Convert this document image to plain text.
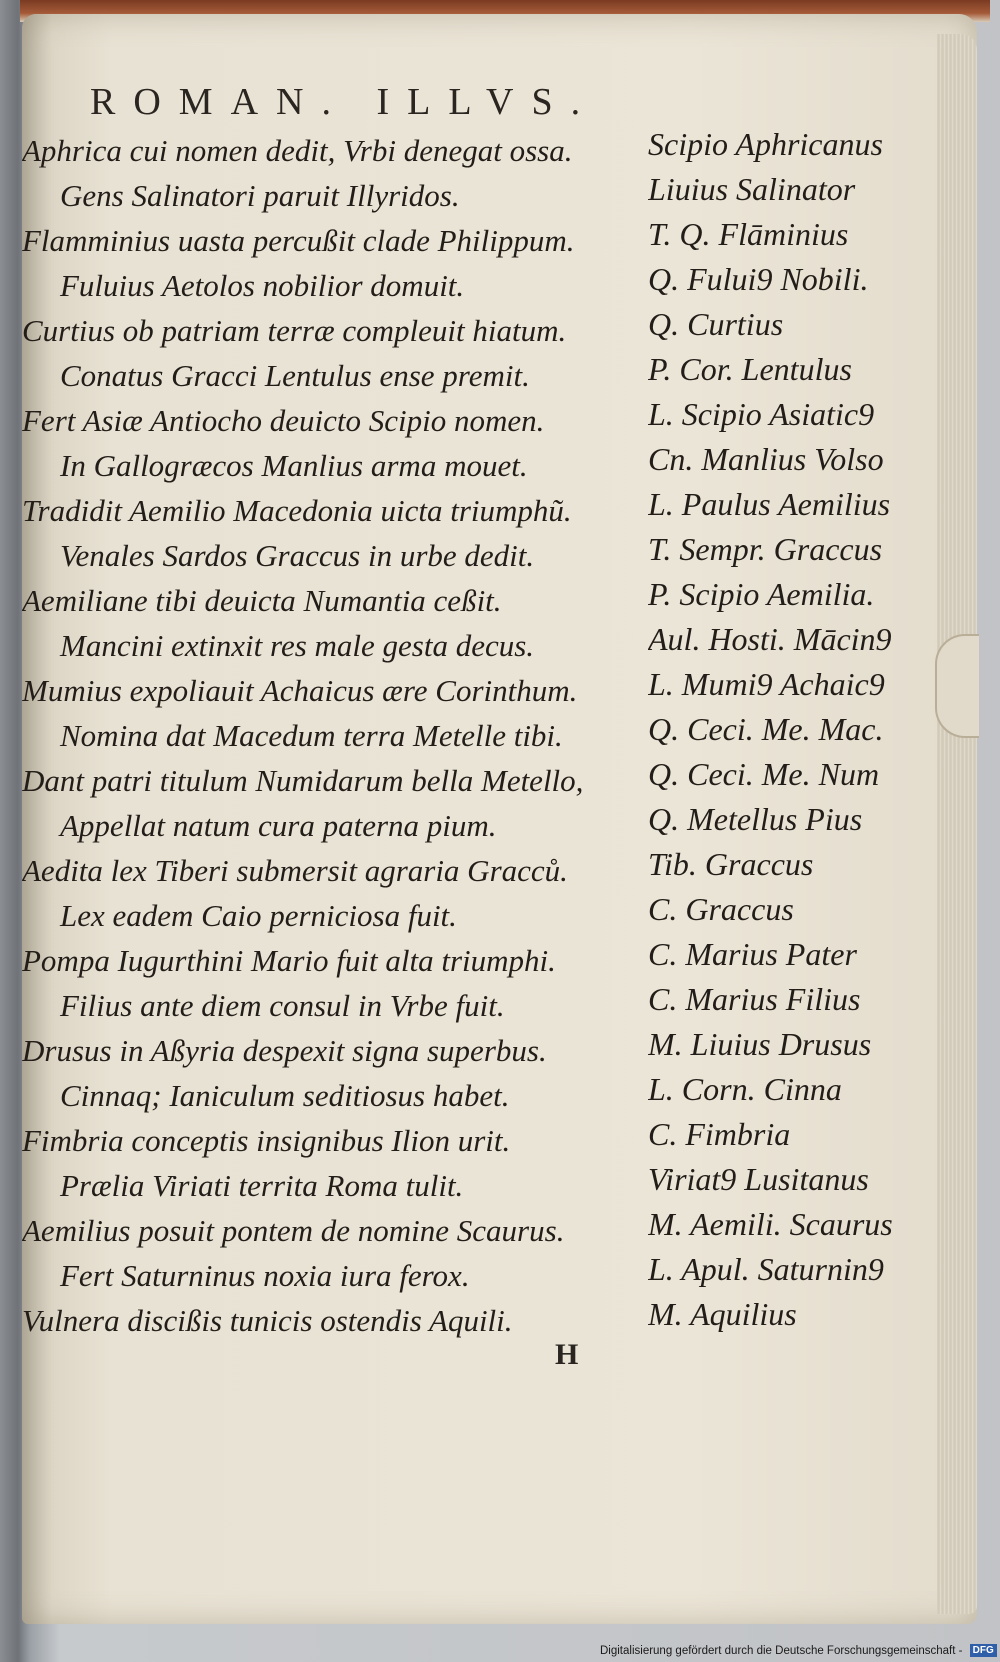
ROMAN. ILLVS.
Aphrica cui nomen dedit, Vrbi denegat ossa.
Gens Salinatori paruit Illyridos.
Flamminius uasta percußit clade Philippum.
Fuluius Aetolos nobilior domuit.
Curtius ob patriam terræ compleuit hiatum.
Conatus Gracci Lentulus ense premit.
Fert Asiæ Antiocho deuicto Scipio nomen.
In Gallogræcos Manlius arma mouet.
Tradidit Aemilio Macedonia uicta triumphũ.
Venales Sardos Graccus in urbe dedit.
Aemiliane tibi deuicta Numantia ceßit.
Mancini extinxit res male gesta decus.
Mumius expoliauit Achaicus ære Corinthum.
Nomina dat Macedum terra Metelle tibi.
Dant patri titulum Numidarum bella Metello,
Appellat natum cura paterna pium.
Aedita lex Tiberi submersit agraria Gracců.
Lex eadem Caio perniciosa fuit.
Pompa Iugurthini Mario fuit alta triumphi.
Filius ante diem consul in Vrbe fuit.
Drusus in Aßyria despexit signa superbus.
Cinnaq; Ianiculum seditiosus habet.
Fimbria conceptis insignibus Ilion urit.
Prælia Viriati territa Roma tulit.
Aemilius posuit pontem de nomine Scaurus.
Fert Saturninus noxia iura ferox.
Vulnera discißis tunicis ostendis Aquili.
Scipio Aphricanus
Liuius Salinator
T. Q. Flāminius
Q. Fului9 Nobili.
Q. Curtius
P. Cor. Lentulus
L. Scipio Asiatic9
Cn. Manlius Volso
L. Paulus Aemilius
T. Sempr. Graccus
P. Scipio Aemilia.
Aul. Hosti. Mācin9
L. Mumi9 Achaic9
Q. Ceci. Me. Mac.
Q. Ceci. Me. Num
Q. Metellus Pius
Tib. Graccus
C. Graccus
C. Marius Pater
C. Marius Filius
M. Liuius Drusus
L. Corn. Cinna
C. Fimbria
Viriat9 Lusitanus
M. Aemili. Scaurus
L. Apul. Saturnin9
M. Aquilius
H
Digitalisierung gefördert durch die Deutsche Forschungsgemeinschaft - DFG
